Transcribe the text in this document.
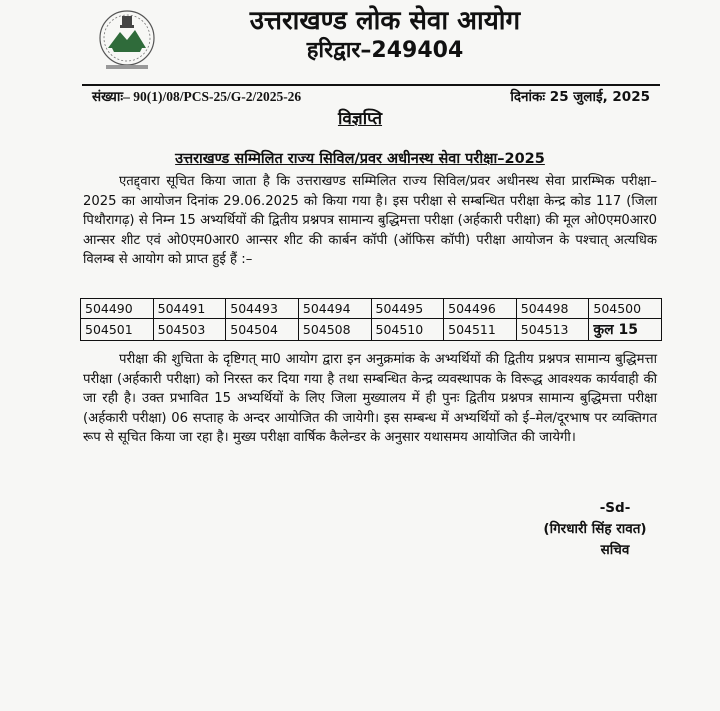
उत्तराखण्ड लोक सेवा आयोग
हरिद्वार–249404
संख्याः– 90(1)/08/PCS-25/G-2/2025-26	दिनांकः 25 जुलाई, 2025
विज्ञप्ति
उत्तराखण्ड सम्मिलित राज्य सिविल/प्रवर अधीनस्थ सेवा परीक्षा–2025
एतद्द्वारा सूचित किया जाता है कि उत्तराखण्ड सम्मिलित राज्य सिविल/प्रवर अधीनस्थ सेवा प्रारम्भिक परीक्षा–2025 का आयोजन दिनांक 29.06.2025 को किया गया है। इस परीक्षा से सम्बन्धित परीक्षा केन्द्र कोड 117 (जिला पिथौरागढ़) से निम्न 15 अभ्यर्थियों की द्वितीय प्रश्नपत्र सामान्य बुद्धिमत्ता परीक्षा (अर्हकारी परीक्षा) की मूल ओ0एम0आर0 आन्सर शीट एवं ओ0एम0आर0 आन्सर शीट की कार्बन कॉपी (ऑफिस कॉपी) परीक्षा आयोजन के पश्चात् अत्यधिक विलम्ब से आयोग को प्राप्त हुई हैं :–
504490	504491	504493	504494	504495	504496	504498	504500
504501	504503	504504	504508	504510	504511	504513	कुल 15
परीक्षा की शुचिता के दृष्टिगत् मा0 आयोग द्वारा इन अनुक्रमांक के अभ्यर्थियों की द्वितीय प्रश्नपत्र सामान्य बुद्धिमत्ता परीक्षा (अर्हकारी परीक्षा) को निरस्त कर दिया गया है तथा सम्बन्धित केन्द्र व्यवस्थापक के विरूद्ध आवश्यक कार्यवाही की जा रही है। उक्त प्रभावित 15 अभ्यर्थियों के लिए जिला मुख्यालय में ही पुनः द्वितीय प्रश्नपत्र सामान्य बुद्धिमत्ता परीक्षा (अर्हकारी परीक्षा) 06 सप्ताह के अन्दर आयोजित की जायेगी। इस सम्बन्ध में अभ्यर्थियों को ई–मेल/दूरभाष पर व्यक्तिगत रूप से सूचित किया जा रहा है। मुख्य परीक्षा वार्षिक कैलेन्डर के अनुसार यथासमय आयोजित की जायेगी।
-Sd-
(गिरधारी सिंह रावत)
सचिव
